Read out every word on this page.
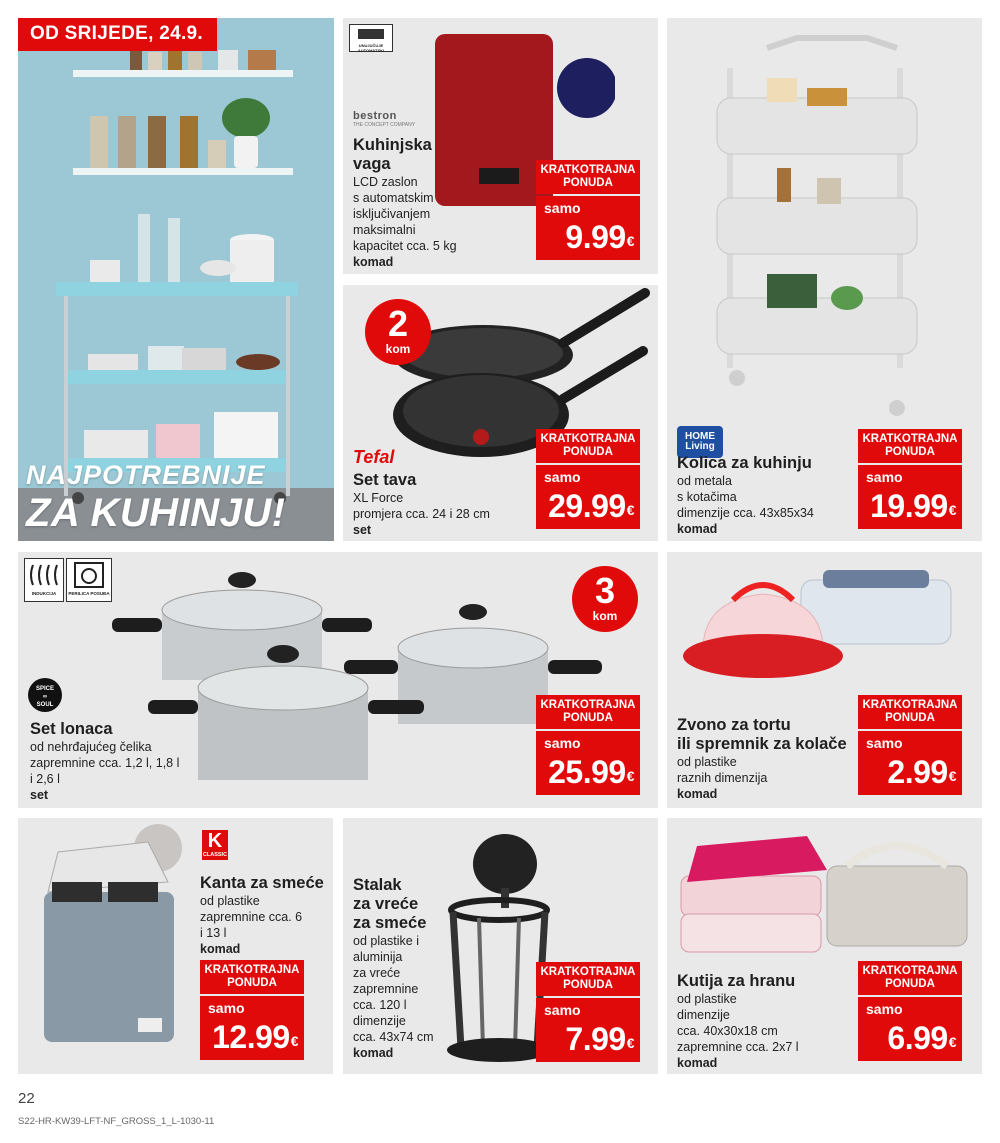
OD SRIJEDE, 24.9.
NAJPOTREBNIJE
ZA KUHINJU!
UNUJUČUJE AUTOMATSKI
bestron
THE CONCEPT COMPANY
Kuhinjska
vaga
LCD zaslon
s automatskim
isključivanjem
maksimalni
kapacitet cca. 5 kg
komad
KRATKOTRAJNA
PONUDA
samo
9.99€
2
kom
Tefal
Set tava
XL Force
promjera cca. 24 i 28 cm
set
KRATKOTRAJNA
PONUDA
samo
29.99€
HOME
Living
Kolica za kuhinju
od metala
s kotačima
dimenzije cca. 43x85x34
komad
KRATKOTRAJNA
PONUDA
samo
19.99€
INDUKCIJA	PERILICA POSUĐA	3
kom
SPICE
∞
SOUL
Set lonaca
od nehrđajućeg čelika
zapremnine cca. 1,2 l, 1,8 l
i 2,6 l
set
KRATKOTRAJNA
PONUDA
samo
25.99€
Zvono za tortu
ili spremnik za kolače
od plastike
raznih dimenzija
komad
KRATKOTRAJNA
PONUDA
samo
2.99€
K
CLASSIC
Kanta za smeće
od plastike
zapremnine cca. 6
i 13 l
komad
KRATKOTRAJNA
PONUDA
samo
12.99€
Stalak
za vreće
za smeće
od plastike i
aluminija
za vreće
zapremnine
cca. 120 l
dimenzije
cca. 43x74 cm
komad
KRATKOTRAJNA
PONUDA
samo
7.99€
Kutija za hranu
od plastike
dimenzije
cca. 40x30x18 cm
zapremnine cca. 2x7 l
komad
KRATKOTRAJNA
PONUDA
samo
6.99€
22
S22-HR-KW39-LFT-NF_GROSS_1_L-1030-11
